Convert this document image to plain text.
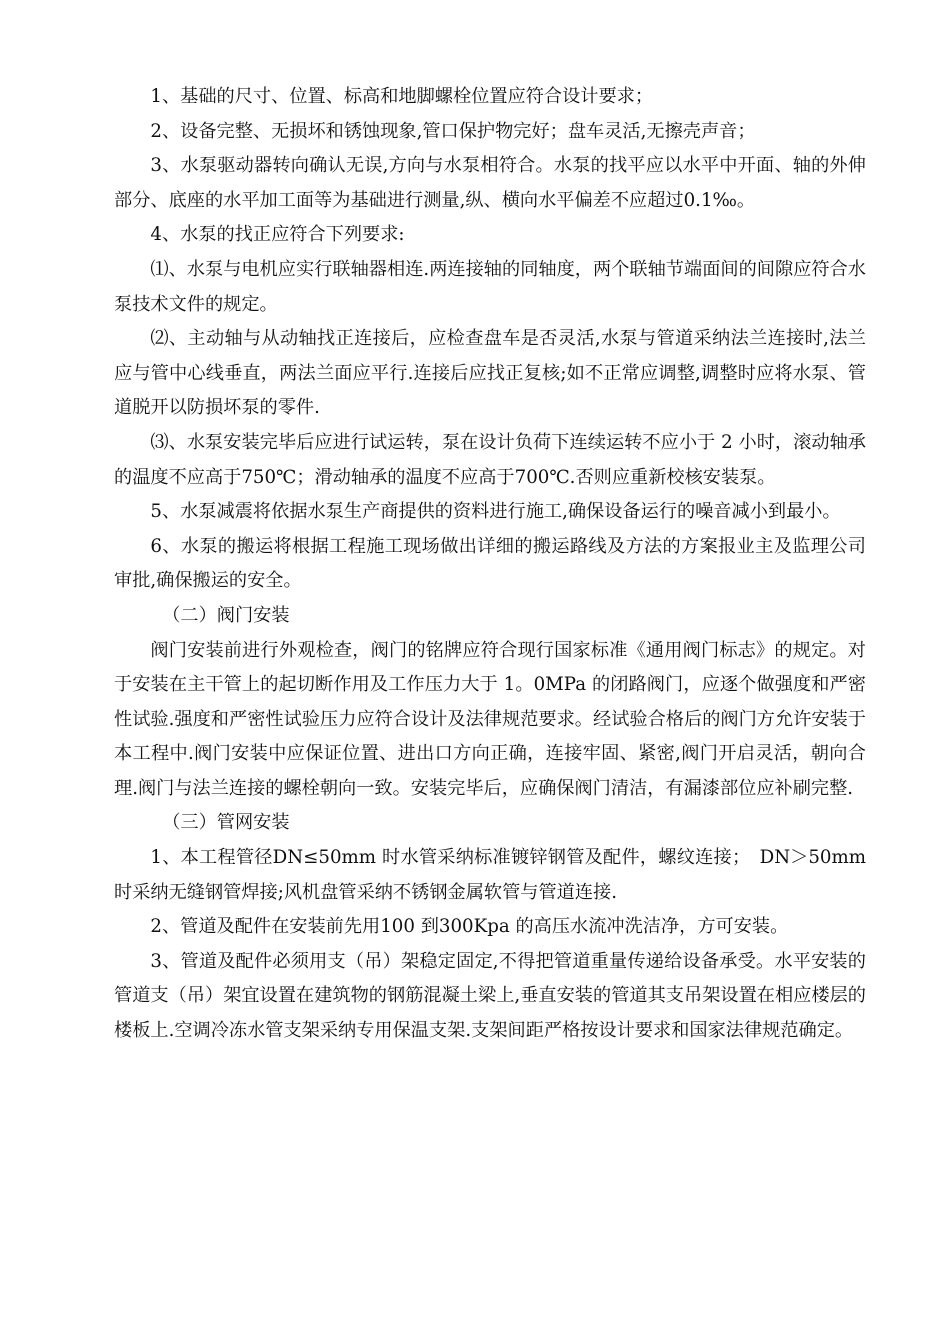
1、基础的尺寸、位置、标高和地脚螺栓位置应符合设计要求；

2、设备完整、无损坏和锈蚀现象,管口保护物完好；盘车灵活,无擦壳声音；

3、水泵驱动器转向确认无误,方向与水泵相符合。水泵的找平应以水平中开面、轴的外伸部分、底座的水平加工面等为基础进行测量,纵、横向水平偏差不应超过0.1‰。

4、水泵的找正应符合下列要求:

⑴、水泵与电机应实行联轴器相连.两连接轴的同轴度，两个联轴节端面间的间隙应符合水泵技术文件的规定。

⑵、主动轴与从动轴找正连接后，应检查盘车是否灵活,水泵与管道采纳法兰连接时,法兰应与管中心线垂直，两法兰面应平行.连接后应找正复核;如不正常应调整,调整时应将水泵、管道脱开以防损坏泵的零件.

⑶、水泵安装完毕后应进行试运转，泵在设计负荷下连续运转不应小于 2 小时，滚动轴承的温度不应高于750℃；滑动轴承的温度不应高于700℃.否则应重新校核安装泵。

5、水泵减震将依据水泵生产商提供的资料进行施工,确保设备运行的噪音减小到最小。

6、水泵的搬运将根据工程施工现场做出详细的搬运路线及方法的方案报业主及监理公司审批,确保搬运的安全。

（二）阀门安装

阀门安装前进行外观检查，阀门的铭牌应符合现行国家标准《通用阀门标志》的规定。对于安装在主干管上的起切断作用及工作压力大于 1。0MPa 的闭路阀门，应逐个做强度和严密性试验.强度和严密性试验压力应符合设计及法律规范要求。经试验合格后的阀门方允许安装于本工程中.阀门安装中应保证位置、进出口方向正确，连接牢固、紧密,阀门开启灵活，朝向合理.阀门与法兰连接的螺栓朝向一致。安装完毕后，应确保阀门清洁，有漏漆部位应补刷完整.

（三）管网安装

1、本工程管径DN≤50mm 时水管采纳标准镀锌钢管及配件，螺纹连接；　DN＞50mm时采纳无缝钢管焊接;风机盘管采纳不锈钢金属软管与管道连接.

2、管道及配件在安装前先用100 到300Kpa 的高压水流冲洗洁净，方可安装。

3、管道及配件必须用支（吊）架稳定固定,不得把管道重量传递给设备承受。水平安装的管道支（吊）架宜设置在建筑物的钢筋混凝土梁上,垂直安装的管道其支吊架设置在相应楼层的楼板上.空调冷冻水管支架采纳专用保温支架.支架间距严格按设计要求和国家法律规范确定。
